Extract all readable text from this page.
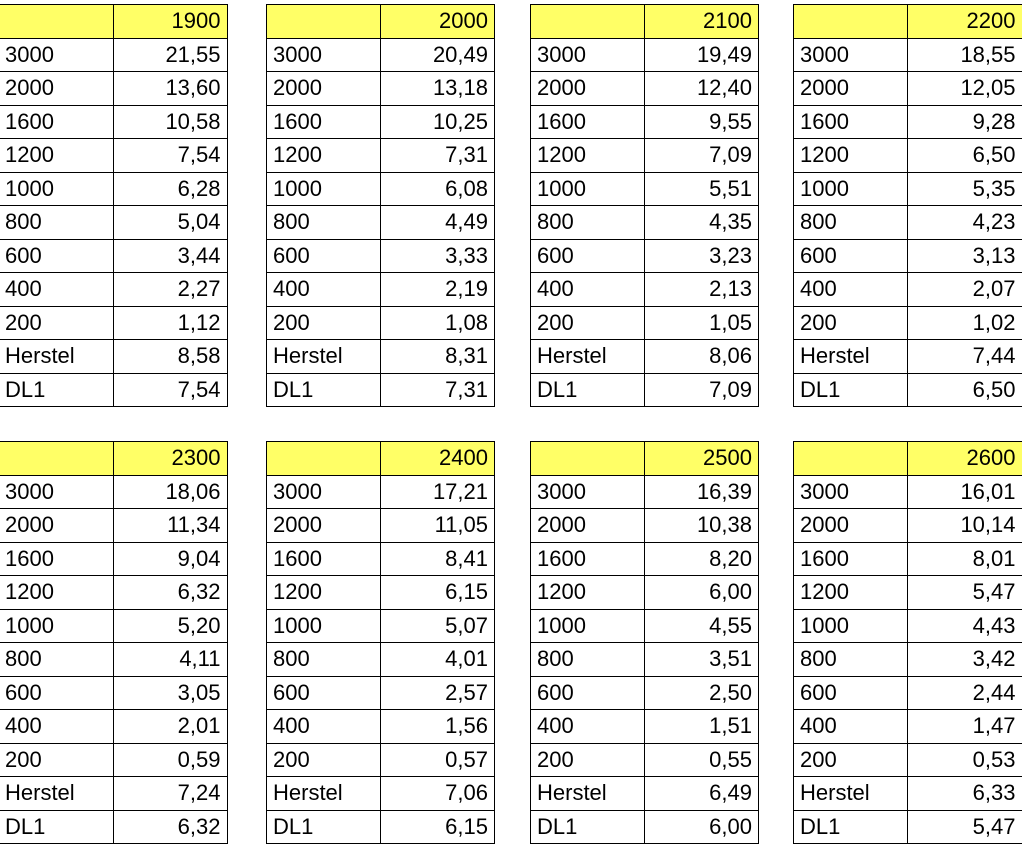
	1900
3000	21,55
2000	13,60
1600	10,58
1200	7,54
1000	6,28
800	5,04
600	3,44
400	2,27
200	1,12
Herstel	8,58
DL1	7,54
	2000
3000	20,49
2000	13,18
1600	10,25
1200	7,31
1000	6,08
800	4,49
600	3,33
400	2,19
200	1,08
Herstel	8,31
DL1	7,31
	2100
3000	19,49
2000	12,40
1600	9,55
1200	7,09
1000	5,51
800	4,35
600	3,23
400	2,13
200	1,05
Herstel	8,06
DL1	7,09
	2200
3000	18,55
2000	12,05
1600	9,28
1200	6,50
1000	5,35
800	4,23
600	3,13
400	2,07
200	1,02
Herstel	7,44
DL1	6,50
	2300
3000	18,06
2000	11,34
1600	9,04
1200	6,32
1000	5,20
800	4,11
600	3,05
400	2,01
200	0,59
Herstel	7,24
DL1	6,32
	2400
3000	17,21
2000	11,05
1600	8,41
1200	6,15
1000	5,07
800	4,01
600	2,57
400	1,56
200	0,57
Herstel	7,06
DL1	6,15
	2500
3000	16,39
2000	10,38
1600	8,20
1200	6,00
1000	4,55
800	3,51
600	2,50
400	1,51
200	0,55
Herstel	6,49
DL1	6,00
	2600
3000	16,01
2000	10,14
1600	8,01
1200	5,47
1000	4,43
800	3,42
600	2,44
400	1,47
200	0,53
Herstel	6,33
DL1	5,47
